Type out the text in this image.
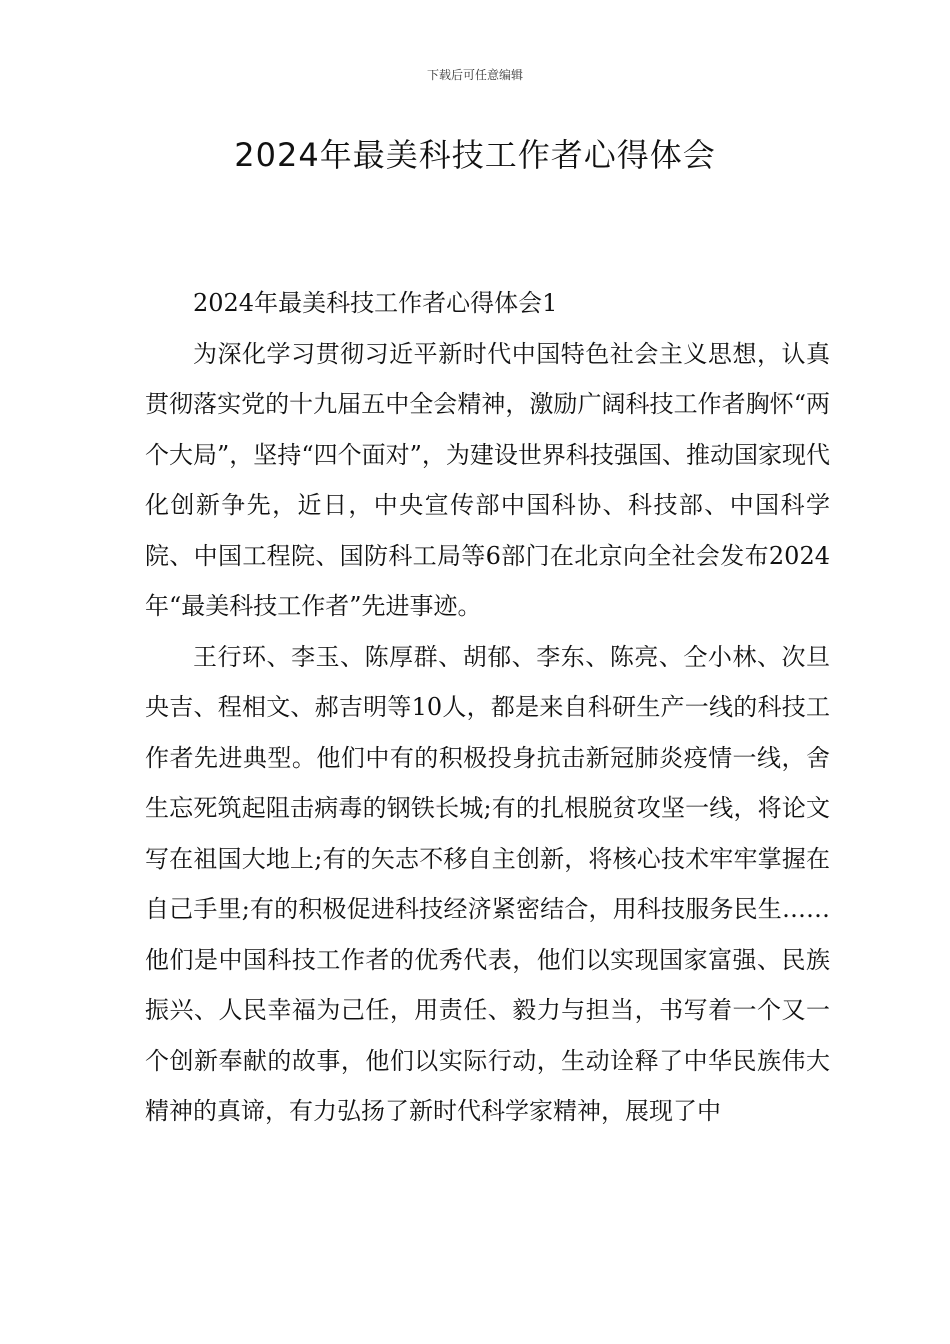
下载后可任意编辑
2024年最美科技工作者心得体会

2024年最美科技工作者心得体会1

为深化学习贯彻习近平新时代中国特色社会主义思想，认真贯彻落实党的十九届五中全会精神，激励广阔科技工作者胸怀“两个大局”，坚持“四个面对”，为建设世界科技强国、推动国家现代化创新争先，近日，中央宣传部中国科协、科技部、中国科学院、中国工程院、国防科工局等6部门在北京向全社会发布2024年“最美科技工作者”先进事迹。

王行环、李玉、陈厚群、胡郁、李东、陈亮、仝小林、次旦央吉、程相文、郝吉明等10人，都是来自科研生产一线的科技工作者先进典型。他们中有的积极投身抗击新冠肺炎疫情一线，舍生忘死筑起阻击病毒的钢铁长城;有的扎根脱贫攻坚一线，将论文写在祖国大地上;有的矢志不移自主创新，将核心技术牢牢掌握在自己手里;有的积极促进科技经济紧密结合，用科技服务民生……他们是中国科技工作者的优秀代表，他们以实现国家富强、民族振兴、人民幸福为己任，用责任、毅力与担当，书写着一个又一个创新奉献的故事，他们以实际行动，生动诠释了中华民族伟大精神的真谛，有力弘扬了新时代科学家精神，展现了中
